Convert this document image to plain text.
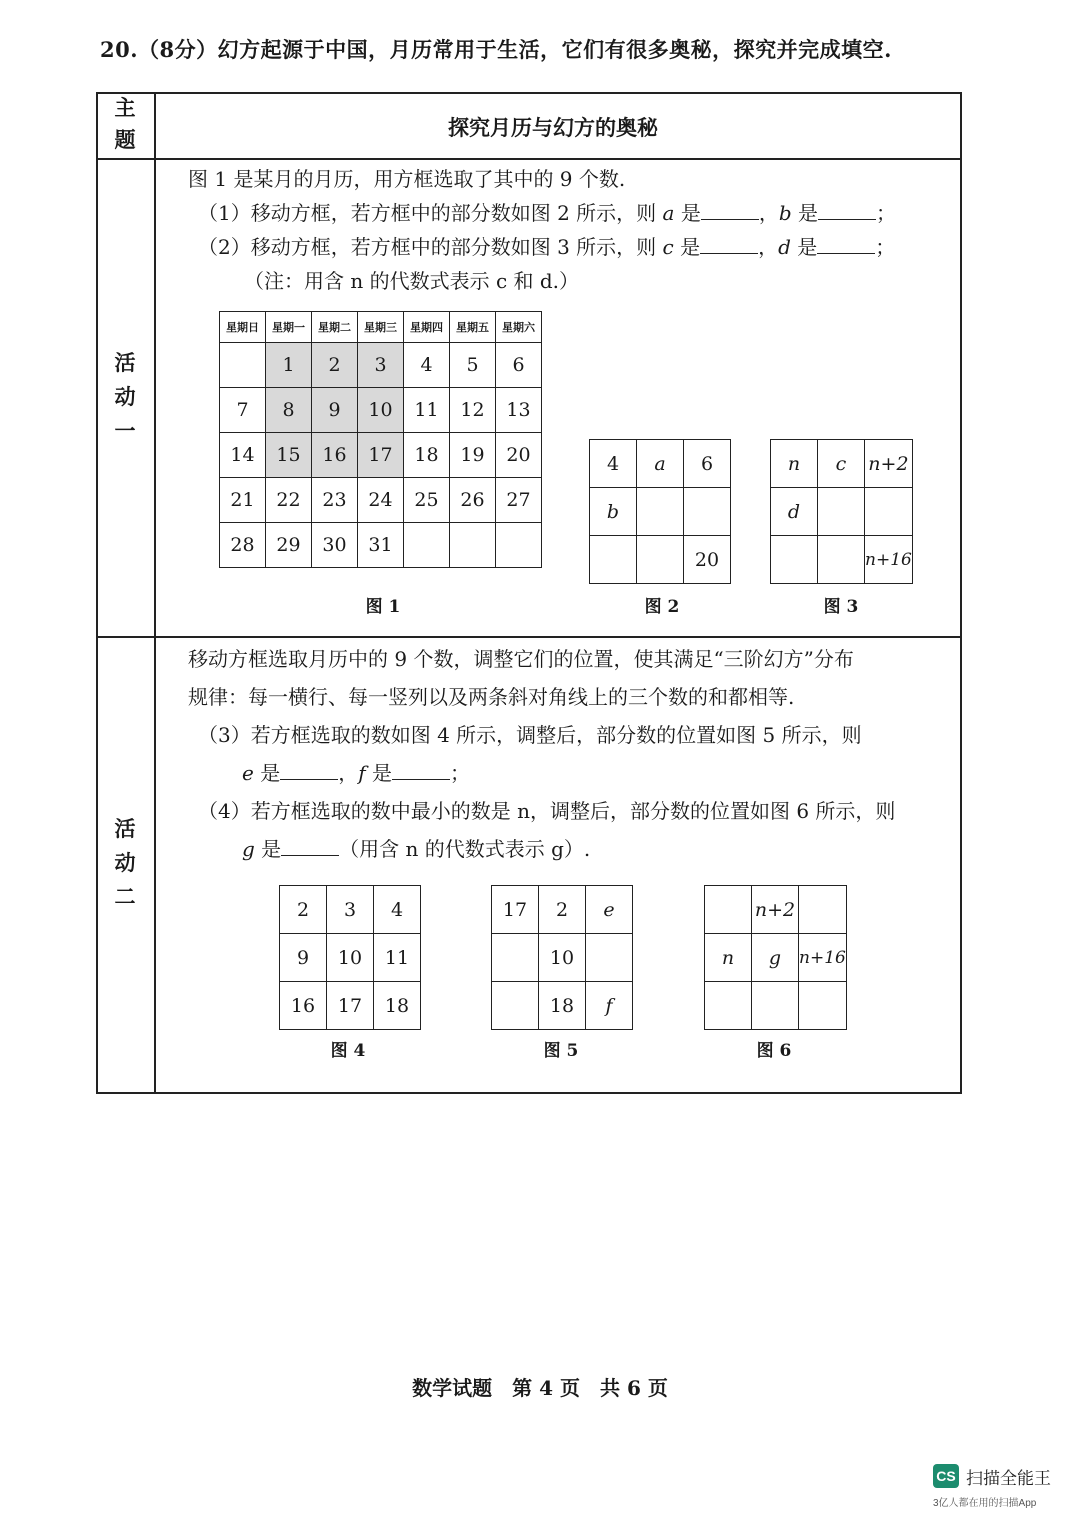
20.（8分）幻方起源于中国，月历常用于生活，它们有很多奥秘，探究并完成填空.
主题	探究月历与幻方的奥秘
活动一
图 1 是某月的月历，用方框选取了其中的 9 个数.
（1）移动方框，若方框中的部分数如图 2 所示，则 a 是	，b 是	；
（2）移动方框，若方框中的部分数如图 3 所示，则 c 是	，d 是	；
（注：用含 n 的代数式表示 c 和 d.）
星期日	星期一	星期二	星期三	星期四	星期五	星期六
	1	2	3	4	5	6
7	8	9	10	11	12	13
14	15	16	17	18	19	20
21	22	23	24	25	26	27
28	29	30	31			
图 1
4	a	6
b		
		20
图 2
n	c	n+2
d		
		n+16
图 3
活动二
移动方框选取月历中的 9 个数，调整它们的位置，使其满足“三阶幻方”分布
规律：每一横行、每一竖列以及两条斜对角线上的三个数的和都相等.
（3）若方框选取的数如图 4 所示，调整后，部分数的位置如图 5 所示，则
e 是	，f 是	；
（4）若方框选取的数中最小的数是 n，调整后，部分数的位置如图 6 所示，则
g 是	（用含 n 的代数式表示 g）.
2	3	4
9	10	11
16	17	18
图 4
17	2	e
	10	
	18	f
图 5
	n+2	
n	g	n+16

图 6
数学试题　第 4 页　共 6 页
CS 扫描全能王
3亿人都在用的扫描App
